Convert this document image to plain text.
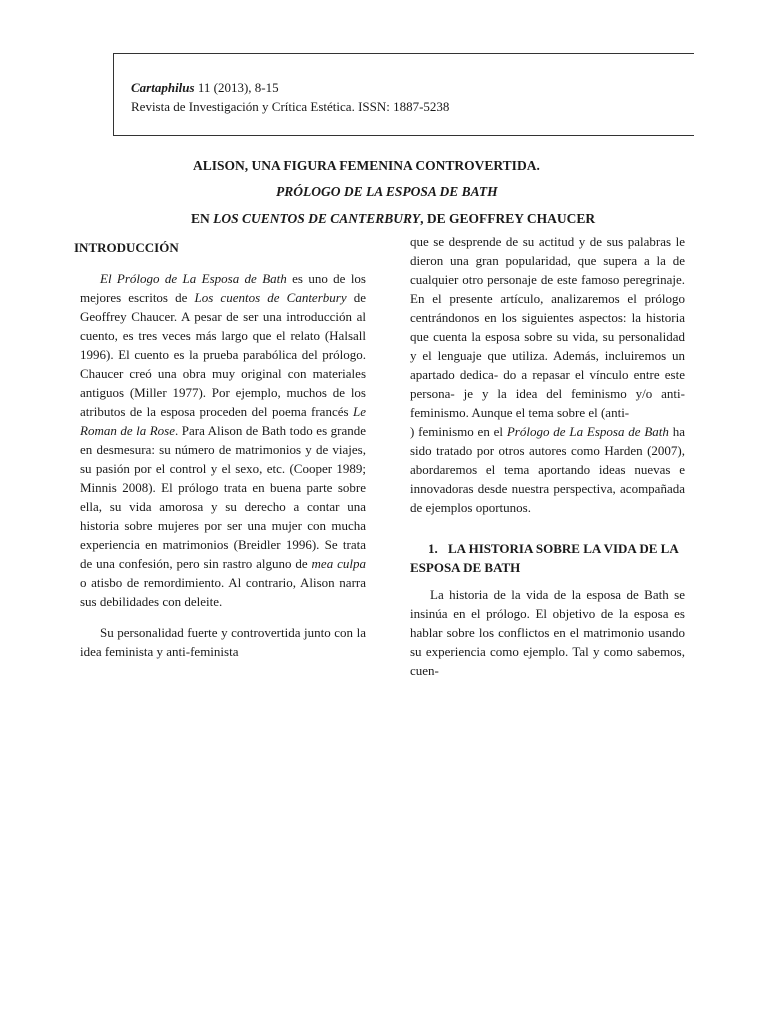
Cartaphilus 11 (2013), 8-15
Revista de Investigación y Crítica Estética. ISSN: 1887-5238
ALISON, UNA FIGURA FEMENINA CONTROVERTIDA.
PRÓLOGO DE LA ESPOSA DE BATH
EN LOS CUENTOS DE CANTERBURY, DE GEOFFREY CHAUCER
INTRODUCCIÓN

El Prólogo de La Esposa de Bath es uno de los mejores escritos de Los cuentos de Canterbury de Geoffrey Chaucer. A pesar de ser una introducción al cuento, es tres veces más largo que el relato (Halsall 1996). El cuento es la prueba parabólica del prólogo. Chaucer creó una obra muy original con materiales antiguos (Miller 1977). Por ejemplo, muchos de los atributos de la esposa proceden del poema francés Le Roman de la Rose. Para Alison de Bath todo es grande en desmesura: su número de matrimonios y de viajes, su pasión por el control y el sexo, etc. (Cooper 1989; Minnis 2008). El prólogo trata en buena parte sobre ella, su vida amorosa y su derecho a contar una historia sobre mujeres por ser una mujer con mucha experiencia en matrimonios (Breidler 1996). Se trata de una confesión, pero sin rastro alguno de mea culpa o atisbo de remordimiento. Al contrario, Alison narra sus debilidades con deleite.

Su personalidad fuerte y controvertida junto con la idea feminista y anti-feminista

que se desprende de su actitud y de sus palabras le dieron una gran popularidad, que supera a la de cualquier otro personaje de este famoso peregrinaje. En el presente artículo, analizaremos el prólogo centrándonos en los siguientes aspectos: la historia que cuenta la esposa sobre su vida, su personalidad y el lenguaje que utiliza. Además, incluiremos un apartado dedica- do a repasar el vínculo entre este persona- je y la idea del feminismo y/o anti-feminismo. Aunque el tema sobre el (anti-
) feminismo en el Prólogo de La Esposa de Bath ha sido tratado por otros autores como Harden (2007), abordaremos el tema aportando ideas nuevas e innovadoras desde nuestra perspectiva, acompañada de ejemplos oportunos.

1. LA HISTORIA SOBRE LA VIDA DE LA ESPOSA DE BATH

La historia de la vida de la esposa de Bath se insinúa en el prólogo. El objetivo de la esposa es hablar sobre los conflictos en el matrimonio usando su experiencia como ejemplo. Tal y como sabemos, cuen-
